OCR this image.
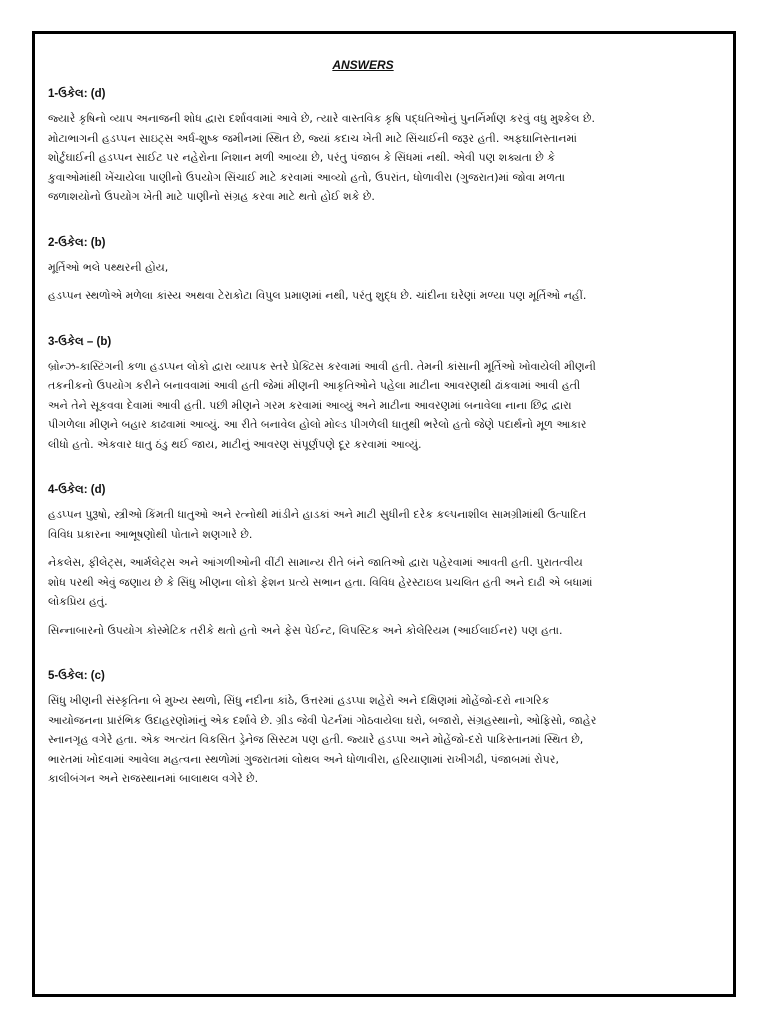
ANSWERS
1-ઉકેલ: (d)

જ્યારે કૃષિનો વ્યાપ અનાજની શોધ દ્વારા દર્શાવવામાં આવે છે, ત્યારે વાસ્તવિક કૃષિ પદ્ધતિઓનું પુનર્નિર્માણ કરવું વધુ મુશ્કેલ છે.
મોટાભાગની હડપ્પન સાઇટ્સ અર્ધ-શુષ્ક જમીનમાં સ્થિત છે, જ્યાં કદાચ ખેતી માટે સિંચાઈની જરૂર હતી. અફઘાનિસ્તાનમાં
શોર્ટુઘાઈની હડપ્પન સાઈટ પર નહેરોના નિશાન મળી આવ્યા છે, પરંતુ પંજાબ કે સિંધમાં નથી. એવી પણ શક્યતા છે કે
કુવાઓમાંથી ખેંચાયેલા પાણીનો ઉપયોગ સિંચાઈ માટે કરવામાં આવ્યો હતો, ઉપરાંત, ધોળાવીરા (ગુજરાત)માં જોવા મળતા
જળાશયોનો ઉપયોગ ખેતી માટે પાણીનો સંગ્રહ કરવા માટે થતો હોઈ શકે છે.

2-ઉકેલ: (b)

મૂર્તિઓ ભલે પથ્થરની હોય,

હડપ્પન સ્થળોએ મળેલા કાંસ્ય અથવા ટેરાકોટા વિપુલ પ્રમાણમાં નથી, પરંતુ શુદ્ધ છે. ચાંદીના ઘરેણાં મળ્યા પણ મૂર્તિઓ નહીં.

3-ઉકેલ – (b)

બ્રોન્ઝ-કાસ્ટિંગની કળા હડપ્પન લોકો દ્વારા વ્યાપક સ્તરે પ્રેક્ટિસ કરવામાં આવી હતી. તેમની કાંસાની મૂર્તિઓ ખોવાયેલી મીણની
તકનીકનો ઉપયોગ કરીને બનાવવામાં આવી હતી જેમાં મીણની આકૃતિઓને પહેલા માટીના આવરણથી ઢાંકવામાં આવી હતી
અને તેને સૂકવવા દેવામાં આવી હતી. પછી મીણને ગરમ કરવામાં આવ્યું અને માટીના આવરણમાં બનાવેલા નાના છિદ્ર દ્વારા
પીગળેલા મીણને બહાર કાઢવામાં આવ્યું. આ રીતે બનાવેલ હોલો મોલ્ડ પીગળેલી ધાતુથી ભરેલો હતો જેણે પદાર્થનો મૂળ આકાર
લીધો હતો. એકવાર ધાતુ ઠંડુ થઈ જાય, માટીનું આવરણ સંપૂર્ણપણે દૂર કરવામાં આવ્યું.

4-ઉકેલ: (d)

હડપ્પન પુરૂષો, સ્ત્રીઓ કિંમતી ધાતુઓ અને રત્નોથી માંડીને હાડકાં અને માટી સુધીની દરેક કલ્પનાશીલ સામગ્રીમાંથી ઉત્પાદિત
વિવિધ પ્રકારના આભૂષણોથી પોતાને શણગારે છે.

નેકલેસ, ફીલેટ્સ, આર્મલેટ્સ અને આંગળીઓની વીંટી સામાન્ય રીતે બંને જાતિઓ દ્વારા પહેરવામાં આવતી હતી. પુરાતત્વીય
શોધ પરથી એવું જણાય છે કે સિંધુ ખીણના લોકો ફેશન પ્રત્યે સભાન હતા. વિવિધ હેરસ્ટાઇલ પ્રચલિત હતી અને દાઢી એ બધામાં
લોકપ્રિય હતું.

સિન્નાબારનો ઉપયોગ કોસ્મેટિક તરીકે થતો હતો અને ફેસ પેઈન્ટ, લિપસ્ટિક અને કોલેરિયમ (આઈલાઈનર) પણ હતા.

5-ઉકેલ: (c)

સિંધુ ખીણની સંસ્કૃતિના બે મુખ્ય સ્થળો, સિંધુ નદીના કાંઠે, ઉત્તરમાં હડપ્પા શહેરો અને દક્ષિણમાં મોહેંજો-દરો નાગરિક
આયોજનના પ્રારંભિક ઉદાહરણોમાંનું એક દર્શાવે છે. ગ્રીડ જેવી પેટર્નમાં ગોઠવાયેલા ઘરો, બજારો, સંગ્રહસ્થાનો, ઓફિસો, જાહેર
સ્નાનગૃહ વગેરે હતા. એક અત્યંત વિકસિત ડ્રેનેજ સિસ્ટમ પણ હતી. જ્યારે હડપ્પા અને મોહેંજો-દરો પાકિસ્તાનમાં સ્થિત છે,
ભારતમાં ખોદવામાં આવેલા મહત્વના સ્થળોમાં ગુજરાતમાં લોથલ અને ધોળાવીરા, હરિયાણામાં રાખીગઢી, પંજાબમાં રોપર,
કાલીબંગન અને રાજસ્થાનમાં બાલાથલ વગેરે છે.
